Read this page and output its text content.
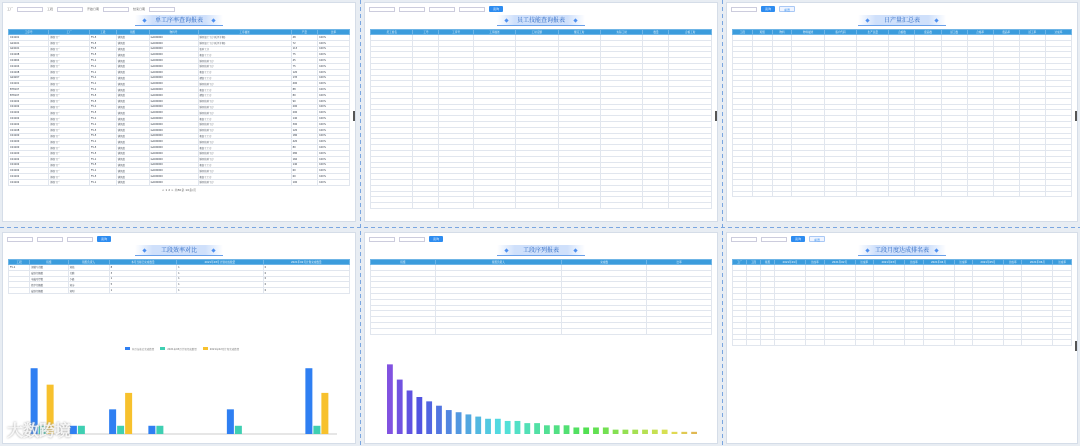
工厂	工段	开始日期	结束日期
单工序率查询报表
工序号	工厂	工段	班组	物料号	工序描述	产量	比率
C24101	铸铁工厂	FV-5	铸铁组	GAOI0000	铸件加工工序(毛坯车粗)	48	100%
G24101	铸铁工厂	FV-5	铸铁组	GAOI0000	铸件加工工序(毛坯车粗)	72	100%
G24101	铸铁工厂	FV-5	铸铁组	GAOI0000	检验工序	113	100%
C24108	铸铁工厂	FV-5	铸铁组	GAOI0000	粗加工工序	75	100%
C24004	铸铁工厂	FV-1	铸铁组	GAOI0000	铸件检验工序	45	100%
C24104	铸铁工厂	FV-1	铸铁组	GAOI0000	铸件检验工序	75	100%
C24108	铸铁工厂	FV-1	铸铁组	GAOI0000	粗加工工序	120	100%
G24207	铸铁工厂	FV-1	铸铁组	GAOI0000	精加工工序	135	100%
C24101	铸铁工厂	FV-1	铸铁组	GAOI0000	铸件检验工序	400	100%
B78107	铸铁工厂	FV-1	铸铁组	GAOI0000	粗加工工序	88	100%
B78107	铸铁工厂	FV-5	铸铁组	GAOI0000	精加工工序	80	100%
C24102	铸铁工厂	FV-5	铸铁组	GAOI0000	铸件检验工序	90	100%
C24102	铸铁工厂	FV-1	铸铁组	GAOI0000	铸件检验工序	200	100%
C24102	铸铁工厂	FV-5	铸铁组	GAOI0000	铸件检验工序	200	100%
C24102	铸铁工厂	FV-1	铸铁组	GAOI0000	粗加工工序	140	100%
C24102	铸铁工厂	FV-1	铸铁组	GAOI0000	铸件检验工序	300	100%
C24108	铸铁工厂	FV-5	铸铁组	GAOI0000	铸件检验工序	120	100%
C24100	铸铁工厂	FV-5	铸铁组	GAOI0000	粗加工工序	180	100%
C24100	铸铁工厂	FV-1	铸铁组	GAOI0000	铸件检验工序	420	100%
C24100	铸铁工厂	FV-5	铸铁组	GAOI0000	粗加工工序	80	100%
C24100	铸铁工厂	FV-5	铸铁组	GAOI0000	铸件检验工序	280	100%
C24102	铸铁工厂	FV-1	铸铁组	GAOI0000	铸件检验工序	160	100%
C24102	铸铁工厂	FV-5	铸铁组	GAOI0000	粗加工工序	140	100%
C24102	铸铁工厂	FV-1	铸铁组	GAOI0000	铸件检验工序	60	100%
C24102	铸铁工厂	FV-5	铸铁组	GAOI0000	粗加工工序	60	100%
C24102	铸铁工厂	FV-1	铸铁组	GAOI0000	铸件检验工序	100	100%
< 1 2 > 共80条 10条/页
查询
员工技能查询报表
员工姓名	工号	工序号	工序描述	工时定额	额定工时	实际工时	数量	合格工时

查询	重置
日产量汇总表
工段	班组	物料	物料描述	客户代码	生产总量	合格数	废品数	返工数	合格率	废品率	返工率	达成率

查询
工段效率对比
工段	班组	班组负责人	本月当前已完成数量	2021年03月计划完成数量	2021年02月计划完成数量
FV-1	钢管车削组	刘铭	8	1	0
	磁铁切割组	吴鹏	3	1	0
	电磁对焊组	李峰	1	1	0
	数字切割组	刘涛	5	1	0
	磁铁切割组	刘明	1	1	0
本月当前已完成数量	2021年03月计划完成数量	2021年02月计划完成数量
大数跨境
查询
工段序列报表
班组	班组负责人	完成数	比率

查询	重置
工段月度达成排名表
工厂	工段	班组	2021年01月	达成率	2021年02月	达成率	2021年03月	达成率	2021年04月	达成率	2021年05月	达成率	2021年06月	达成率
